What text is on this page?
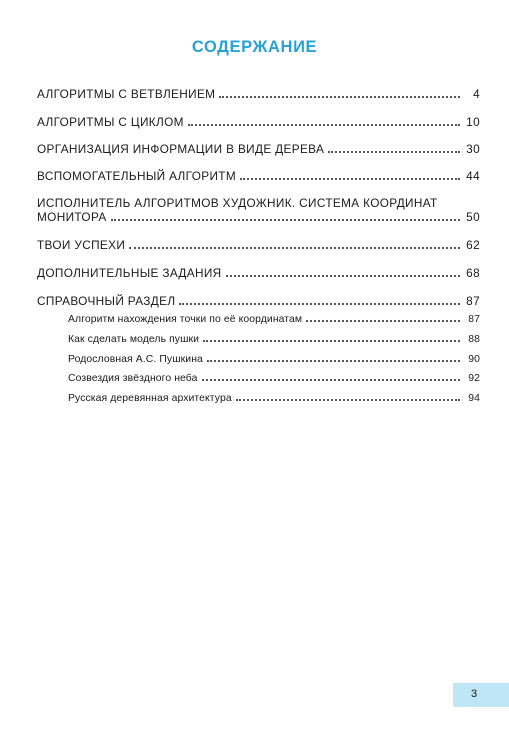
СОДЕРЖАНИЕ
АЛГОРИТМЫ С ВЕТВЛЕНИЕМ	4
АЛГОРИТМЫ С ЦИКЛОМ	10
ОРГАНИЗАЦИЯ ИНФОРМАЦИИ В ВИДЕ ДЕРЕВА	30
ВСПОМОГАТЕЛЬНЫЙ АЛГОРИТМ	44
ИСПОЛНИТЕЛЬ АЛГОРИТМОВ ХУДОЖНИК. СИСТЕМА КООРДИНАТ
МОНИТОРА	50
ТВОИ УСПЕХИ	62
ДОПОЛНИТЕЛЬНЫЕ ЗАДАНИЯ	68
СПРАВОЧНЫЙ РАЗДЕЛ	87
Алгоритм нахождения точки по её координатам	87
Как сделать модель пушки	88
Родословная А.С. Пушкина	90
Созвездия звёздного неба	92
Русская деревянная архитектура	94
3
